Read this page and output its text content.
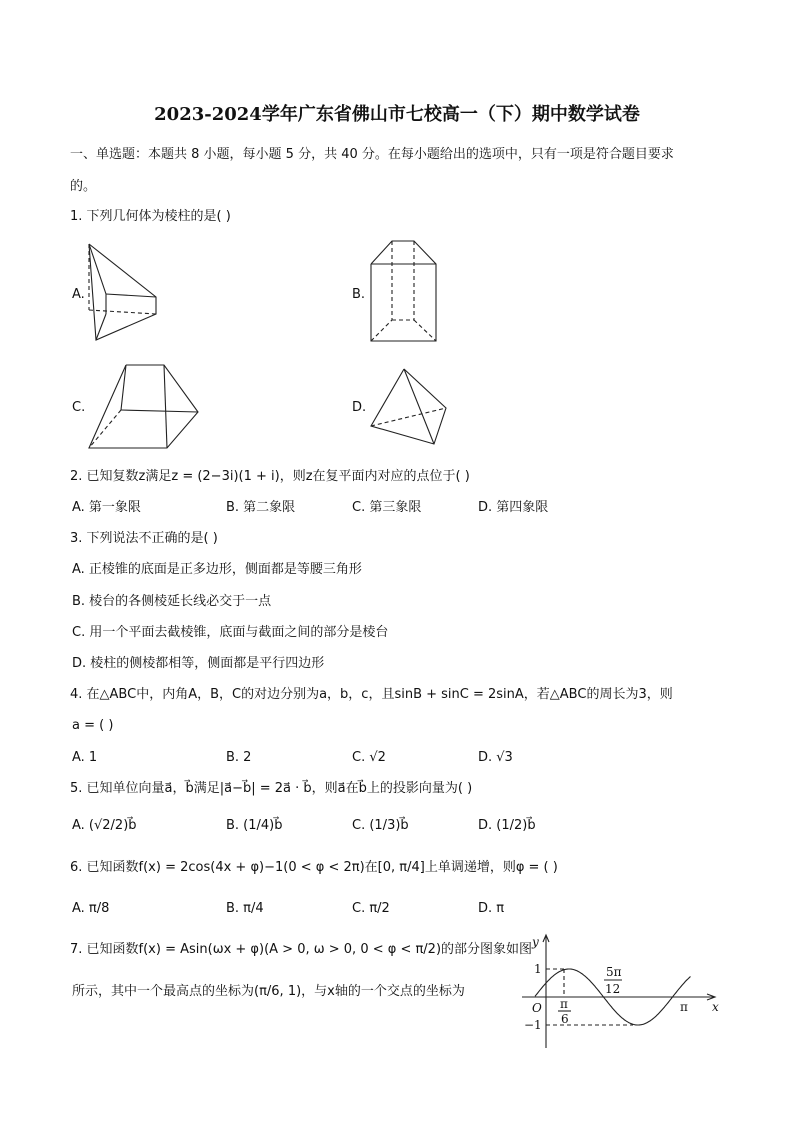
2023-2024学年广东省佛山市七校高一（下）期中数学试卷
一、单选题：本题共 8 小题，每小题 5 分，共 40 分。在每小题给出的选项中，只有一项是符合题目要求
的。
1. 下列几何体为棱柱的是( )
A.	B.
C.	D.
2. 已知复数z满足z = (2−3i)(1 + i)，则z在复平面内对应的点位于( )
A. 第一象限	B. 第二象限	C. 第三象限	D. 第四象限
3. 下列说法不正确的是( )
A. 正棱锥的底面是正多边形，侧面都是等腰三角形
B. 棱台的各侧棱延长线必交于一点
C. 用一个平面去截棱锥，底面与截面之间的部分是棱台
D. 棱柱的侧棱都相等，侧面都是平行四边形
4. 在△ABC中，内角A，B，C的对边分别为a，b，c，且sinB + sinC = 2sinA，若△ABC的周长为3，则
a = ( )
A. 1	B. 2	C. √2	D. √3
5. 已知单位向量a⃗，b⃗满足|a⃗−b⃗| = 2a⃗ · b⃗，则a⃗在b⃗上的投影向量为( )
A. (√2/2)b⃗	B. (1/4)b⃗	C. (1/3)b⃗	D. (1/2)b⃗
6. 已知函数f(x) = 2cos(4x + φ)−1(0 < φ < 2π)在[0, π/4]上单调递增，则φ = ( )
A. π/8	B. π/4	C. π/2	D. π
7. 已知函数f(x) = Asin(ωx + φ)(A > 0, ω > 0, 0 < φ < π/2)的部分图象如图
所示，其中一个最高点的坐标为(π/6, 1)，与x轴的一个交点的坐标为
y
x
O
1
−1
π
6
5π
12
π
